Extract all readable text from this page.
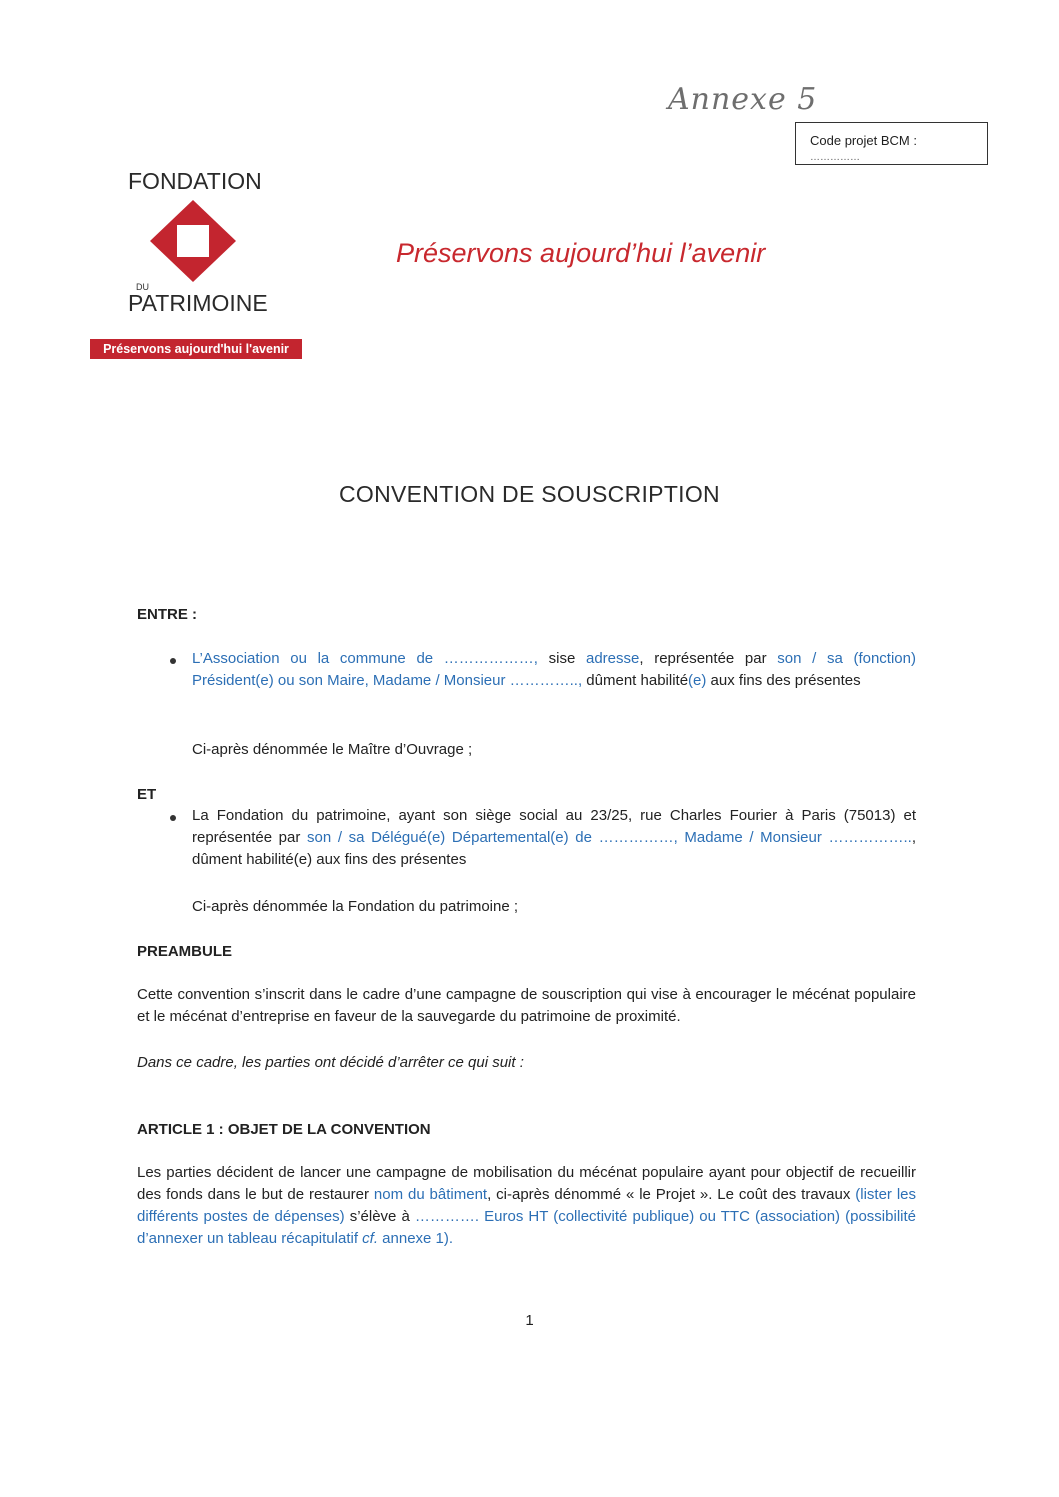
Annexe 5
Code projet BCM :
……………
FONDATION
DU
PATRIMOINE
Préservons aujourd'hui l'avenir
Préservons aujourd’hui l’avenir
CONVENTION DE SOUSCRIPTION
ENTRE :
L’Association ou la commune de ………………, sise adresse, représentée par son / sa (fonction) Président(e) ou son Maire, Madame / Monsieur ………….., dûment habilité(e) aux fins des présentes
Ci-après dénommée le Maître d’Ouvrage ;
ET
La Fondation du patrimoine, ayant son siège social au 23/25, rue Charles Fourier à Paris (75013) et représentée par son / sa Délégué(e) Départemental(e) de ……………, Madame / Monsieur …………….., dûment habilité(e) aux fins des présentes
Ci-après dénommée la Fondation du patrimoine ;
PREAMBULE
Cette convention s’inscrit dans le cadre d’une campagne de souscription qui vise à encourager le mécénat populaire et le mécénat d’entreprise en faveur de la sauvegarde du patrimoine de proximité.
Dans ce cadre, les parties ont décidé d’arrêter ce qui suit :
ARTICLE 1 : OBJET DE LA CONVENTION
Les parties décident de lancer une campagne de mobilisation du mécénat populaire ayant pour objectif de recueillir des fonds dans le but de restaurer nom du bâtiment, ci-après dénommé « le Projet ». Le coût des travaux (lister les différents postes de dépenses) s’élève à …………. Euros HT (collectivité publique) ou TTC (association) (possibilité d’annexer un tableau récapitulatif cf. annexe 1).
1
